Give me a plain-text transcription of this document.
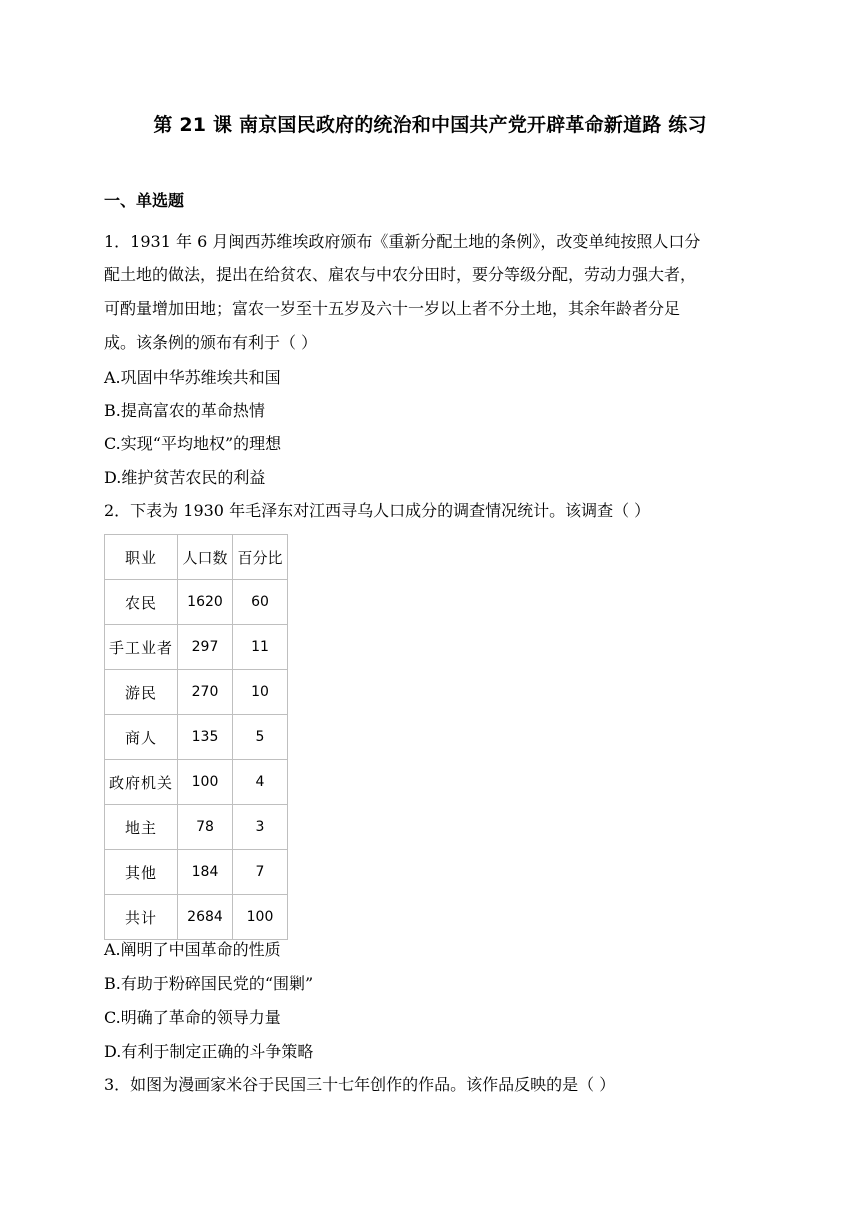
第 21 课 南京国民政府的统治和中国共产党开辟革命新道路 练习
一、单选题
1．1931 年 6 月闽西苏维埃政府颁布《重新分配土地的条例》，改变单纯按照人口分
配土地的做法，提出在给贫农、雇农与中农分田时，要分等级分配，劳动力强大者，
可酌量增加田地；富农一岁至十五岁及六十一岁以上者不分土地，其余年龄者分足
成。该条例的颁布有利于（ ）
A.巩固中华苏维埃共和国
B.提高富农的革命热情
C.实现“平均地权”的理想
D.维护贫苦农民的利益
2．下表为 1930 年毛泽东对江西寻乌人口成分的调查情况统计。该调查（ ）
职业	人口数	百分比
农民	1620	60
手工业者	297	11
游民	270	10
商人	135	5
政府机关	100	4
地主	78	3
其他	184	7
共计	2684	100
A.阐明了中国革命的性质
B.有助于粉碎国民党的“围剿”
C.明确了革命的领导力量
D.有利于制定正确的斗争策略
3．如图为漫画家米谷于民国三十七年创作的作品。该作品反映的是（ ）
